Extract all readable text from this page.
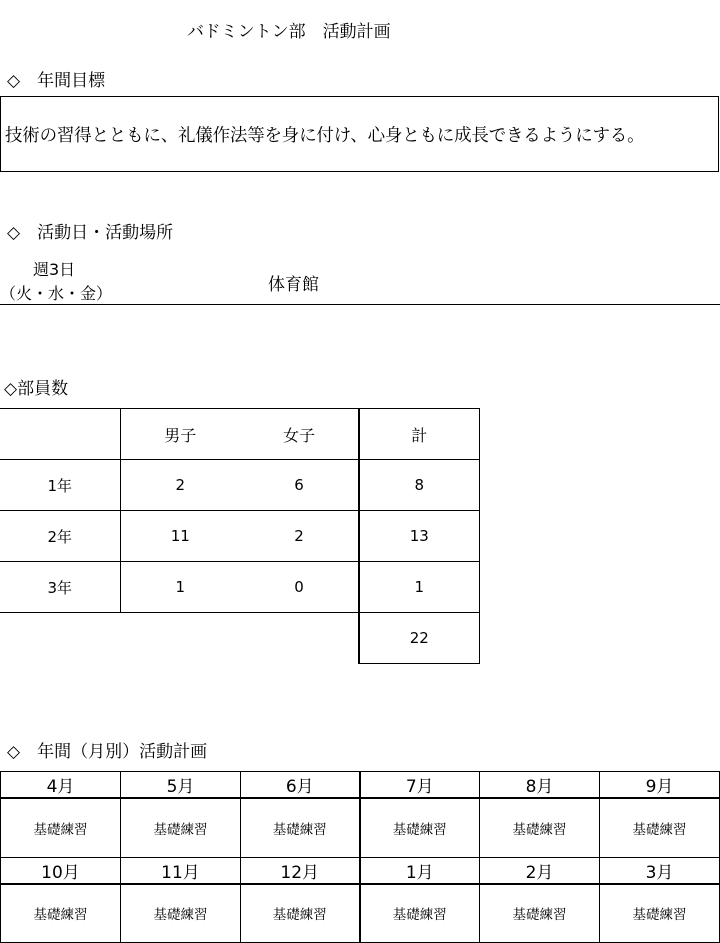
バドミントン部　活動計画
◇　年間目標
技術の習得とともに、礼儀作法等を身に付け、心身ともに成長できるようにする。
◇　活動日・活動場所
週3日
（火・水・金）	体育館
◇部員数
	男子	女子	計
1年	2	6	8
2年	11	2	13
3年	1	0	1
			22
◇　年間（月別）活動計画
4月	5月	6月	7月	8月	9月
基礎練習	基礎練習	基礎練習	基礎練習	基礎練習	基礎練習
10月	11月	12月	1月	2月	3月
基礎練習	基礎練習	基礎練習	基礎練習	基礎練習	基礎練習
